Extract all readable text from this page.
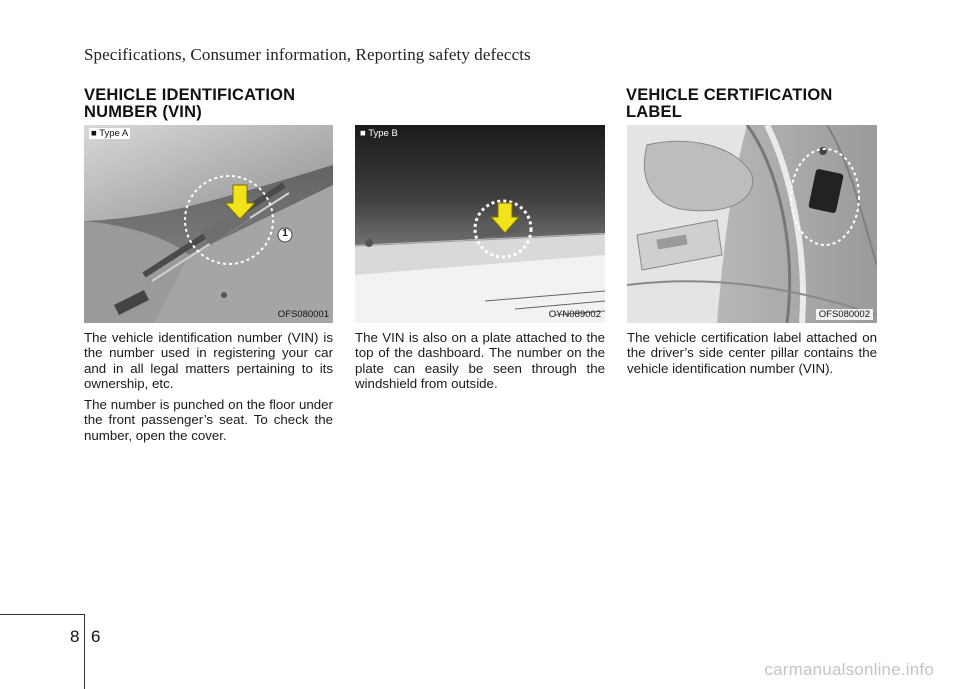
Specifications, Consumer information, Reporting safety defeccts
VEHICLE IDENTIFICATION
NUMBER (VIN)
VEHICLE CERTIFICATION
LABEL
1
■ Type A
OFS080001
■ Type B
OYN089002	OFS080002

The vehicle identification number (VIN) is the number used in registering your car and in all legal matters pertaining to its ownership, etc.

The number is punched on the floor under the front passenger’s seat. To check the number, open the cover.

The VIN is also on a plate attached to the top of the dashboard. The number on the plate can easily be seen through the windshield from outside.

The vehicle certification label attached on the driver’s side center pillar contains the vehicle identification number (VIN).

8 6
carmanualsonline.info
